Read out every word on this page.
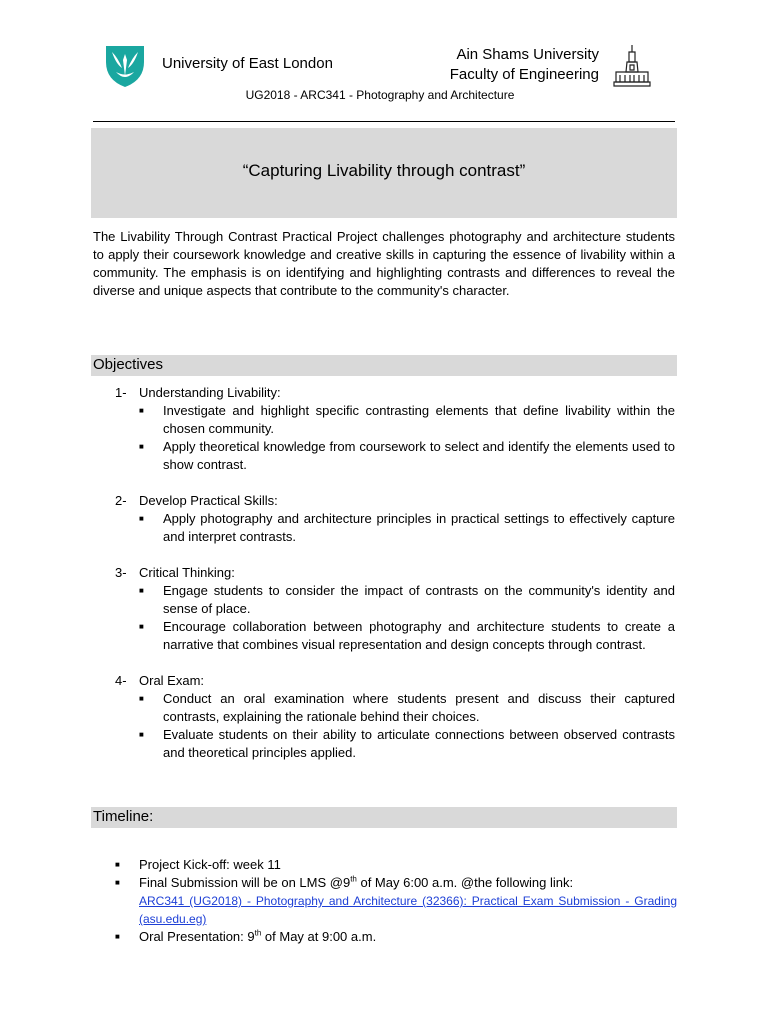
University of East London
Ain Shams University
Faculty of Engineering
UG2018 - ARC341 - Photography and Architecture
“Capturing Livability through contrast”
The Livability Through Contrast Practical Project challenges photography and architecture students to apply their coursework knowledge and creative skills in capturing the essence of livability within a community. The emphasis is on identifying and highlighting contrasts and differences to reveal the diverse and unique aspects that contribute to the community's character.
Objectives
1- Understanding Livability:
■	Investigate and highlight specific contrasting elements that define livability within the chosen community.
■	Apply theoretical knowledge from coursework to select and identify the elements used to show contrast.
2- Develop Practical Skills:
■	Apply photography and architecture principles in practical settings to effectively capture and interpret contrasts.
3- Critical Thinking:
■	Engage students to consider the impact of contrasts on the community's identity and sense of place.
■	Encourage collaboration between photography and architecture students to create a narrative that combines visual representation and design concepts through contrast.
4- Oral Exam:
■	Conduct an oral examination where students present and discuss their captured contrasts, explaining the rationale behind their choices.
■	Evaluate students on their ability to articulate connections between observed contrasts and theoretical principles applied.
Timeline:
■	Project Kick-off: week 11
■	Final Submission will be on LMS @9th of May 6:00 a.m. @the following link:
ARC341 (UG2018) - Photography and Architecture (32366): Practical Exam Submission - Grading (asu.edu.eg)
■	Oral Presentation: 9th of May at 9:00 a.m.
